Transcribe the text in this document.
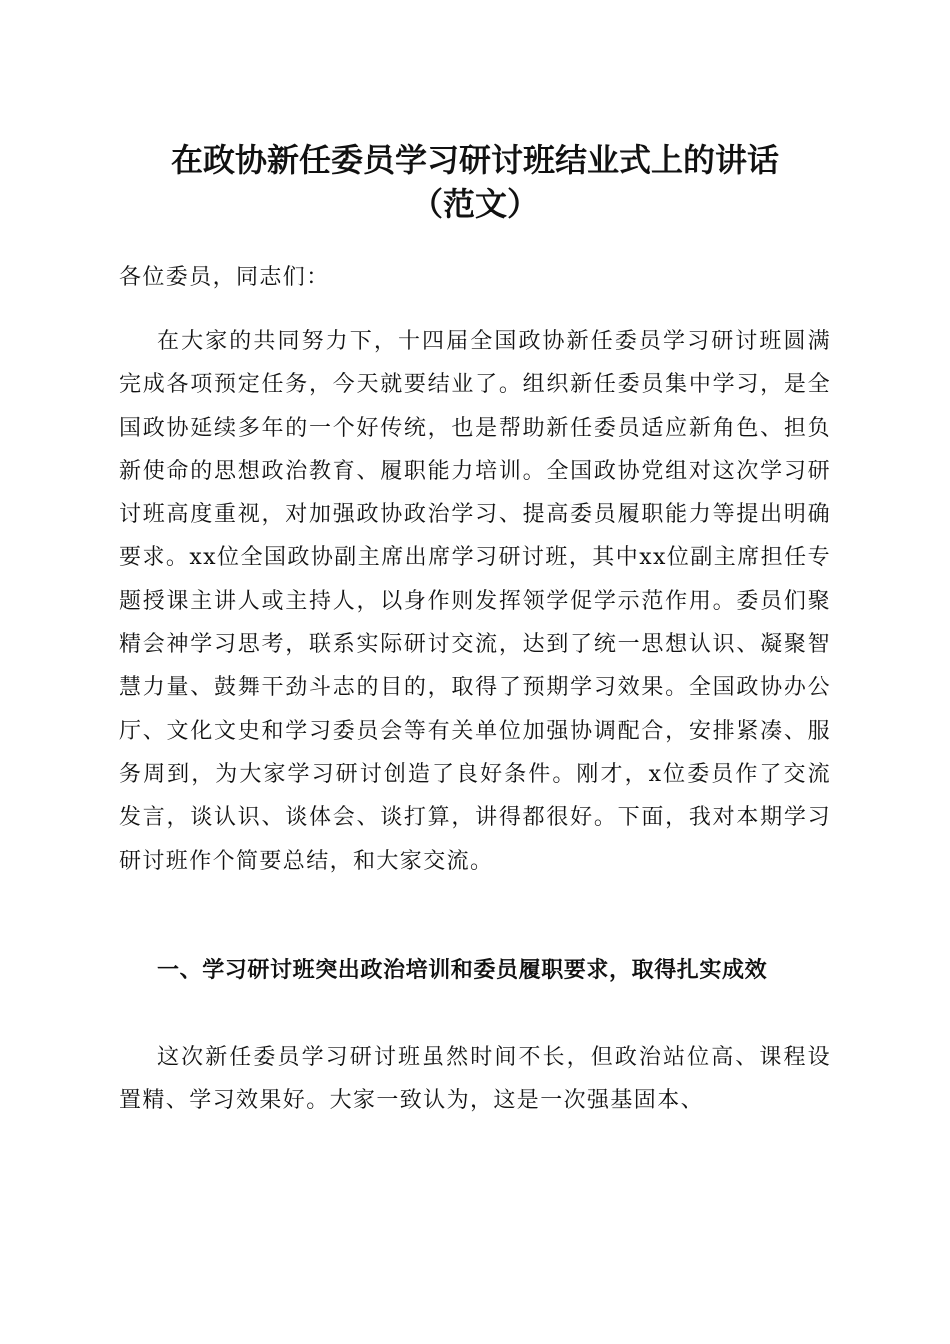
在政协新任委员学习研讨班结业式上的讲话
（范文）

各位委员，同志们：

在大家的共同努力下，十四届全国政协新任委员学习研讨班圆满完成各项预定任务，今天就要结业了。组织新任委员集中学习，是全国政协延续多年的一个好传统，也是帮助新任委员适应新角色、担负新使命的思想政治教育、履职能力培训。全国政协党组对这次学习研讨班高度重视，对加强政协政治学习、提高委员履职能力等提出明确要求。xx位全国政协副主席出席学习研讨班，其中xx位副主席担任专题授课主讲人或主持人，以身作则发挥领学促学示范作用。委员们聚精会神学习思考，联系实际研讨交流，达到了统一思想认识、凝聚智慧力量、鼓舞干劲斗志的目的，取得了预期学习效果。全国政协办公厅、文化文史和学习委员会等有关单位加强协调配合，安排紧凑、服务周到，为大家学习研讨创造了良好条件。刚才，x位委员作了交流发言，谈认识、谈体会、谈打算，讲得都很好。下面，我对本期学习研讨班作个简要总结，和大家交流。

一、学习研讨班突出政治培训和委员履职要求，取得扎实成效

这次新任委员学习研讨班虽然时间不长，但政治站位高、课程设置精、学习效果好。大家一致认为，这是一次强基固本、
